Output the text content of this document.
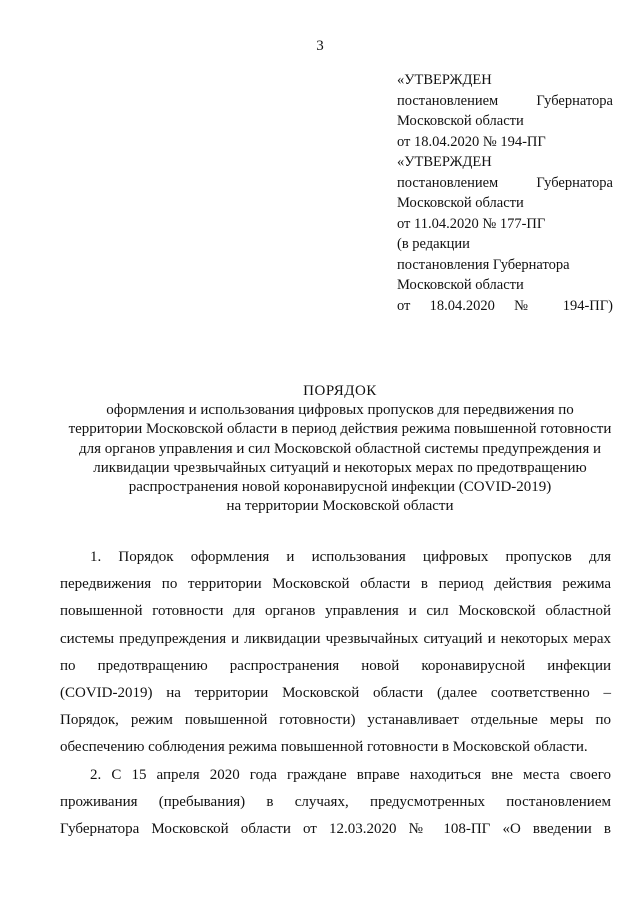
3
«УТВЕРЖДЕН
постановлением Губернатора
Московской области
от 18.04.2020 № 194-ПГ
«УТВЕРЖДЕН
постановлением Губернатора
Московской области
от 11.04.2020 № 177-ПГ
(в редакции
постановления Губернатора
Московской области
от 18.04.2020 № 194-ПГ)
ПОРЯДОК
оформления и использования цифровых пропусков для передвижения по
территории Московской области в период действия режима повышенной готовности
для органов управления и сил Московской областной системы предупреждения и
ликвидации чрезвычайных ситуаций и некоторых мерах по предотвращению
распространения новой коронавирусной инфекции (COVID-2019)
на территории Московской области
1. Порядок оформления и использования цифровых пропусков для
передвижения по территории Московской области в период действия режима
повышенной готовности для органов управления и сил Московской областной
системы предупреждения и ликвидации чрезвычайных ситуаций и некоторых мерах
по предотвращению распространения новой коронавирусной инфекции
(COVID-2019) на территории Московской области (далее соответственно –
Порядок, режим повышенной готовности) устанавливает отдельные меры по
обеспечению соблюдения режима повышенной готовности в Московской области.
2. С 15 апреля 2020 года граждане вправе находиться вне места своего
проживания (пребывания) в случаях, предусмотренных постановлением
Губернатора Московской области от 12.03.2020 № 108-ПГ «О введении в
